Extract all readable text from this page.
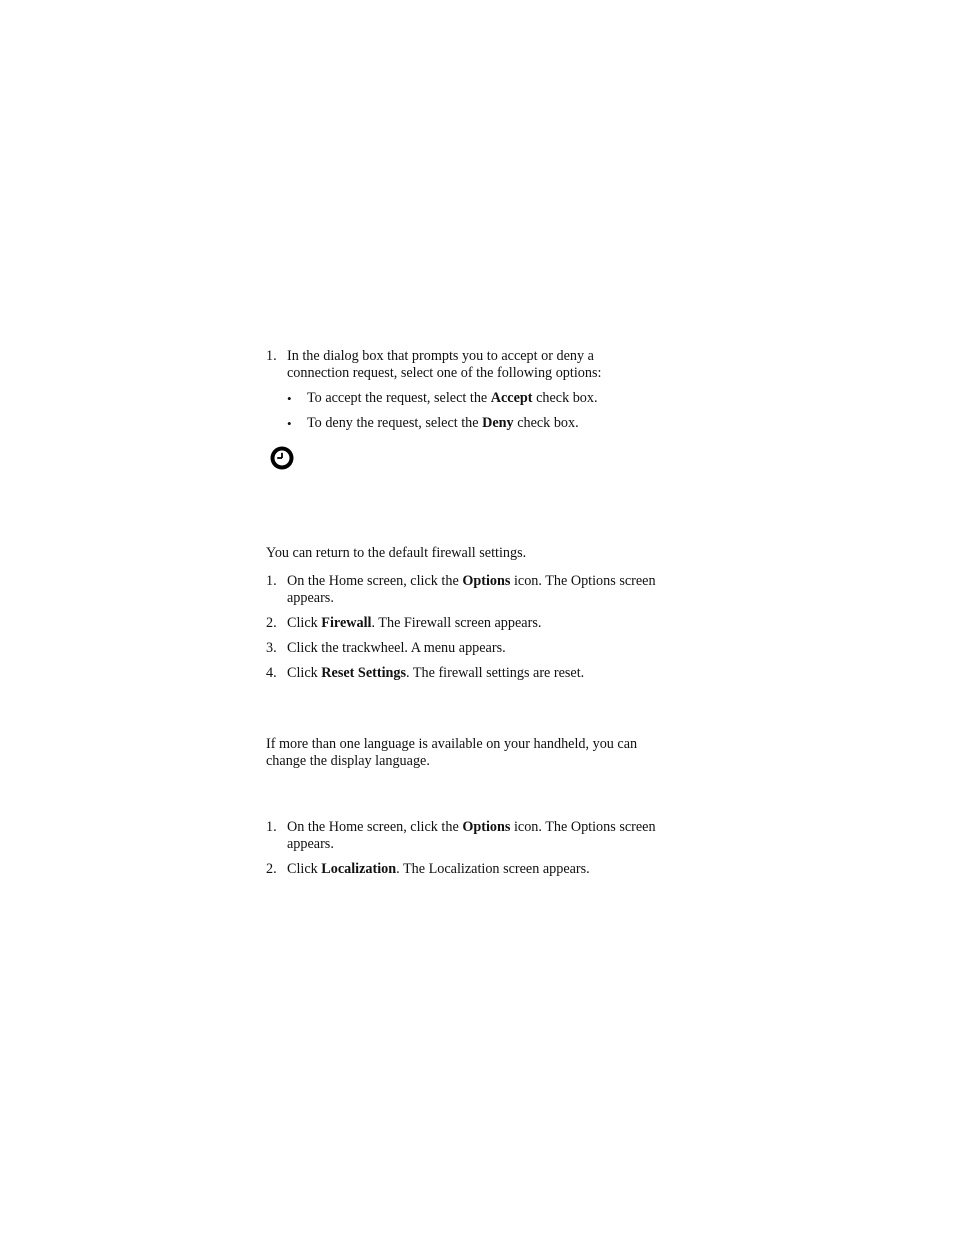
1. In the dialog box that prompts you to accept or deny a
connection request, select one of the following options:
• To accept the request, select the Accept check box.
• To deny the request, select the Deny check box.
You can return to the default firewall settings.
1. On the Home screen, click the Options icon. The Options screen
appears.
2. Click Firewall. The Firewall screen appears.
3. Click the trackwheel. A menu appears.
4. Click Reset Settings. The firewall settings are reset.
If more than one language is available on your handheld, you can
change the display language.
1. On the Home screen, click the Options icon. The Options screen
appears.
2. Click Localization. The Localization screen appears.
